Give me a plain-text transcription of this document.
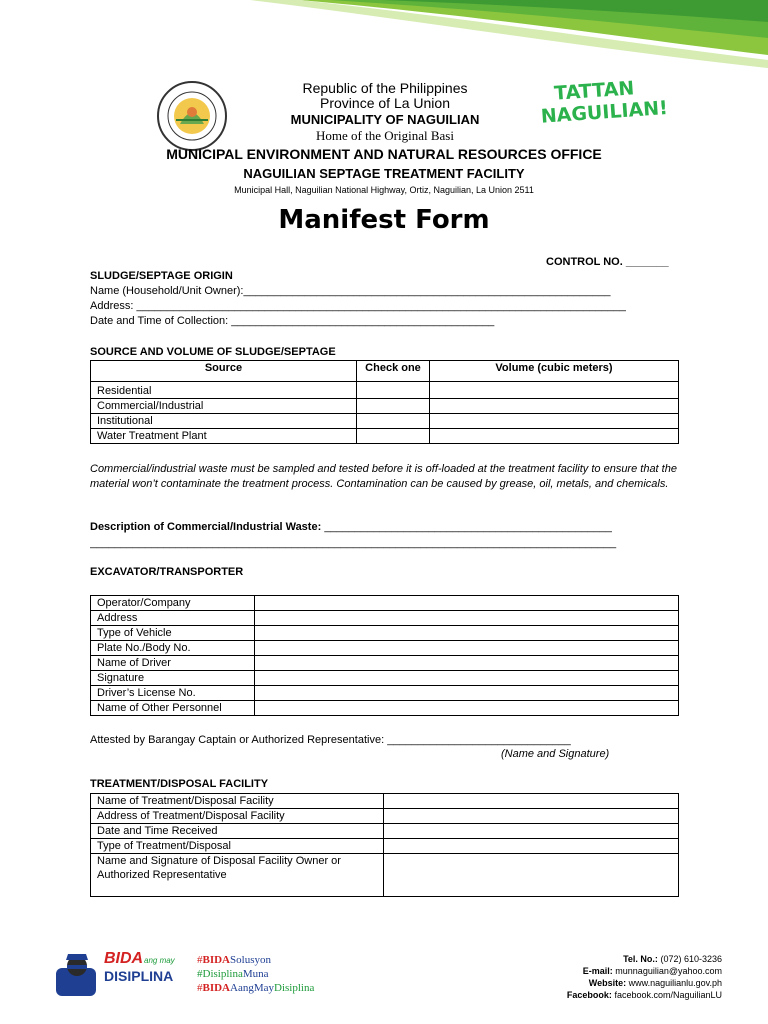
Republic of the Philippines
Province of La Union
MUNICIPALITY OF NAGUILIAN
Home of the Original Basi
TATTAN
NAGUILIAN!
MUNICIPAL ENVIRONMENT AND NATURAL RESOURCES OFFICE
NAGUILIAN SEPTAGE TREATMENT FACILITY
Municipal Hall, Naguilian National Highway, Ortiz, Naguilian, La Union 2511
Manifest Form
CONTROL NO. _______
SLUDGE/SEPTAGE ORIGIN
Name (Household/Unit Owner):____________________________________________________________
Address: ________________________________________________________________________________
Date and Time of Collection: ___________________________________________
SOURCE AND VOLUME OF SLUDGE/SEPTAGE
Source	Check one	Volume (cubic meters)
Residential		
Commercial/Industrial		
Institutional		
Water Treatment Plant		
Commercial/industrial waste must be sampled and tested before it is off-loaded at the treatment facility to ensure that the material won’t contaminate the treatment process. Contamination can be caused by grease, oil, metals, and chemicals.
Description of Commercial/Industrial Waste: _______________________________________________
______________________________________________________________________________________
EXCAVATOR/TRANSPORTER
Operator/Company	
Address	
Type of Vehicle	
Plate No./Body No.	
Name of Driver	
Signature	
Driver’s License No.	
Name of Other Personnel	
Attested by Barangay Captain or Authorized Representative: ______________________________
(Name and Signature)
TREATMENT/DISPOSAL FACILITY
Name of Treatment/Disposal Facility	
Address of Treatment/Disposal Facility	
Date and Time Received	
Type of Treatment/Disposal	

Name and Signature of Disposal Facility Owner or
Authorized Representative	

BIDA ang may
DISIPLINA
#BIDASolusyon
#DisiplinaMuna
#BIDAAangMayDisiplina
Tel. No.: (072) 610-3236
E-mail: munnaguilian@yahoo.com
Website: www.naguilianlu.gov.ph
Facebook: facebook.com/NaguilianLU
